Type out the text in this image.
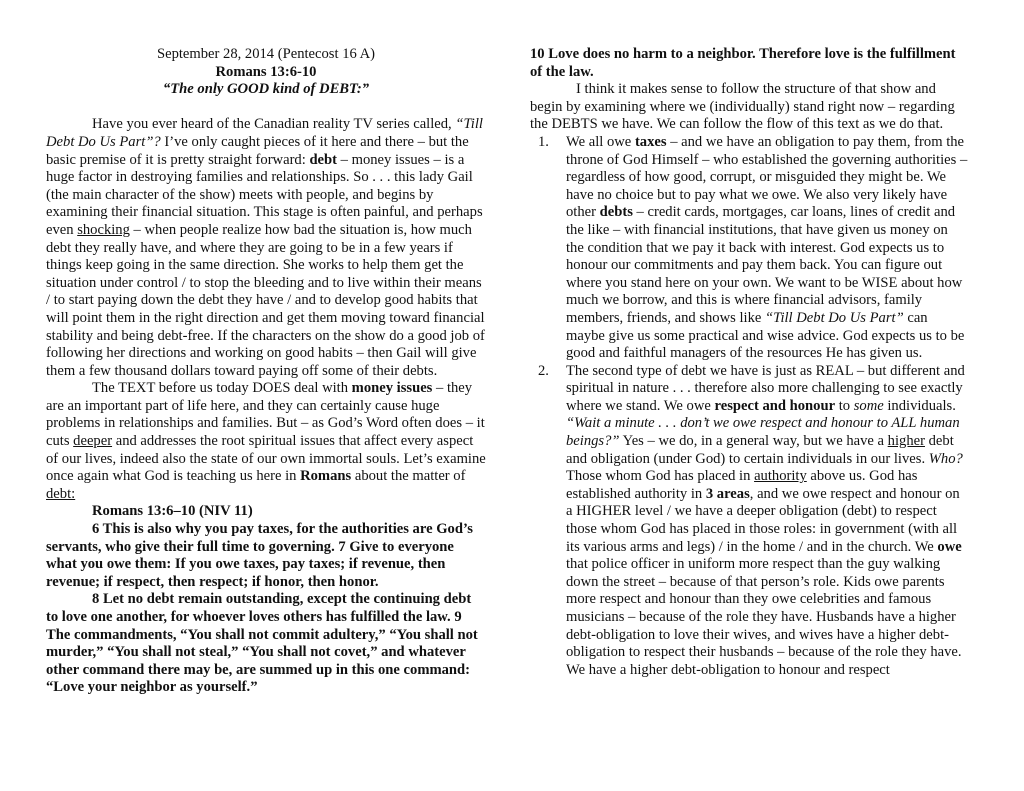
September 28, 2014 (Pentecost 16 A)

Romans 13:6-10

“The only GOOD kind of DEBT:”

Have you ever heard of the Canadian reality TV series called, “Till Debt Do Us Part”? I’ve only caught pieces of it here and there – but the basic premise of it is pretty straight forward: debt – money issues – is a huge factor in destroying families and relationships. So . . . this lady Gail (the main character of the show) meets with people, and begins by examining their financial situation. This stage is often painful, and perhaps even shocking – when people realize how bad the situation is, how much debt they really have, and where they are going to be in a few years if things keep going in the same direction. She works to help them get the situation under control / to stop the bleeding and to live within their means / to start paying down the debt they have / and to develop good habits that will point them in the right direction and get them moving toward financial stability and being debt-free. If the characters on the show do a good job of following her directions and working on good habits – then Gail will give them a few thousand dollars toward paying off some of their debts.

The TEXT before us today DOES deal with money issues – they are an important part of life here, and they can certainly cause huge problems in relationships and families. But – as God’s Word often does – it cuts deeper and addresses the root spiritual issues that affect every aspect of our lives, indeed also the state of our own immortal souls. Let’s examine once again what God is teaching us here in Romans about the matter of debt:

Romans 13:6–10 (NIV 11)

6 This is also why you pay taxes, for the authorities are God’s servants, who give their full time to governing. 7 Give to everyone what you owe them: If you owe taxes, pay taxes; if revenue, then revenue; if respect, then respect; if honor, then honor.

8 Let no debt remain outstanding, except the continuing debt to love one another, for whoever loves others has fulfilled the law. 9 The commandments, “You shall not commit adultery,” “You shall not murder,” “You shall not steal,” “You shall not covet,” and whatever other command there may be, are summed up in this one command: “Love your neighbor as yourself.”

10 Love does no harm to a neighbor. Therefore love is the fulfillment of the law.

I think it makes sense to follow the structure of that show and begin by examining where we (individually) stand right now – regarding the DEBTS we have. We can follow the flow of this text as we do that.

1. We all owe taxes – and we have an obligation to pay them, from the throne of God Himself – who established the governing authorities – regardless of how good, corrupt, or misguided they might be. We have no choice but to pay what we owe. We also very likely have other debts – credit cards, mortgages, car loans, lines of credit and the like – with financial institutions, that have given us money on the condition that we pay it back with interest. God expects us to honour our commitments and pay them back. You can figure out where you stand here on your own. We want to be WISE about how much we borrow, and this is where financial advisors, family members, friends, and shows like “Till Debt Do Us Part” can maybe give us some practical and wise advice. God expects us to be good and faithful managers of the resources He has given us.
2. The second type of debt we have is just as REAL – but different and spiritual in nature . . . therefore also more challenging to see exactly where we stand. We owe respect and honour to some individuals. “Wait a minute . . . don’t we owe respect and honour to ALL human beings?” Yes – we do, in a general way, but we have a higher debt and obligation (under God) to certain individuals in our lives. Who? Those whom God has placed in authority above us. God has established authority in 3 areas, and we owe respect and honour on a HIGHER level / we have a deeper obligation (debt) to respect those whom God has placed in those roles: in government (with all its various arms and legs) / in the home / and in the church. We owe that police officer in uniform more respect than the guy walking down the street – because of that person’s role. Kids owe parents more respect and honour than they owe celebrities and famous musicians – because of the role they have. Husbands have a higher debt-obligation to love their wives, and wives have a higher debt-obligation to respect their husbands – because of the role they have. We have a higher debt-obligation to honour and respect
